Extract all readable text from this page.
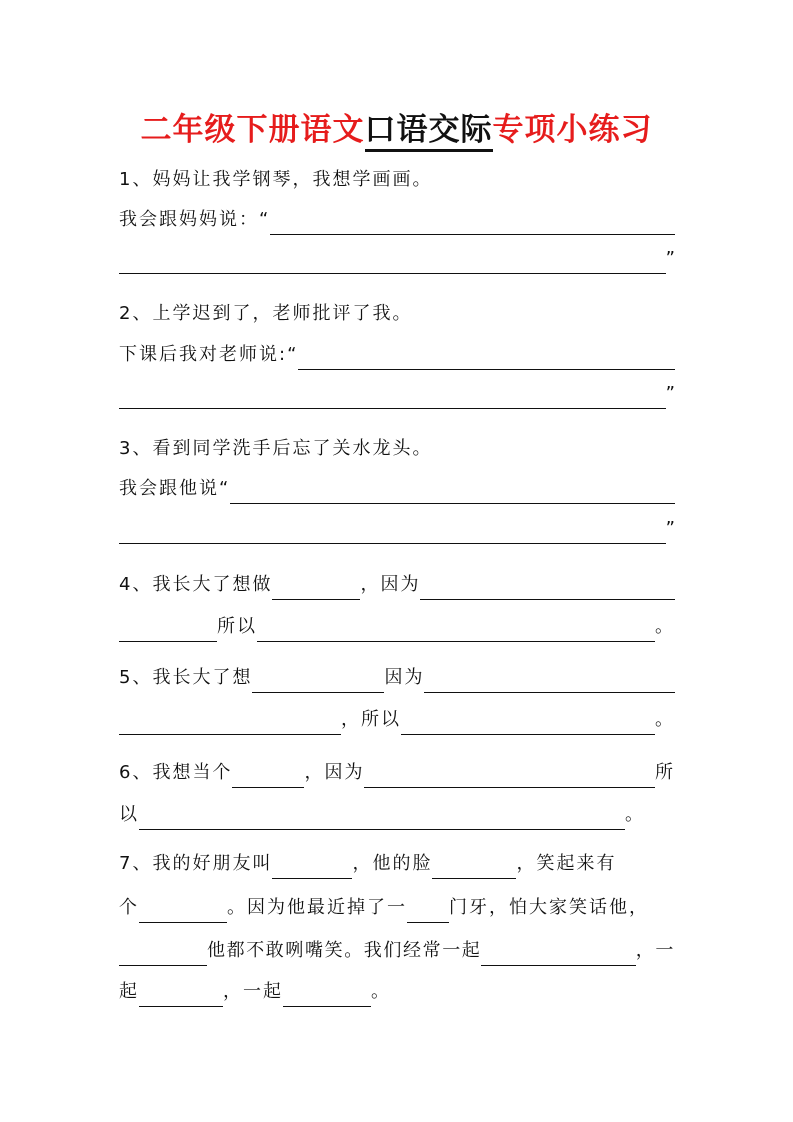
二年级下册语文口语交际专项小练习
1、妈妈让我学钢琴，我想学画画。
我会跟妈妈说：“
”
2、上学迟到了，老师批评了我。
下课后我对老师说:“
”
3、看到同学洗手后忘了关水龙头。
我会跟他说“
”
4、我长大了想做	，因为
所以	。
5、我长大了想	因为
，所以	。
6、我想当个	，因为	所
以	。
7、我的好朋友叫	，他的脸	，笑起来有
个	。因为他最近掉了一 门牙，怕大家笑话他，
他都不敢咧嘴笑。我们经常一起	，一
起	，一起	。
